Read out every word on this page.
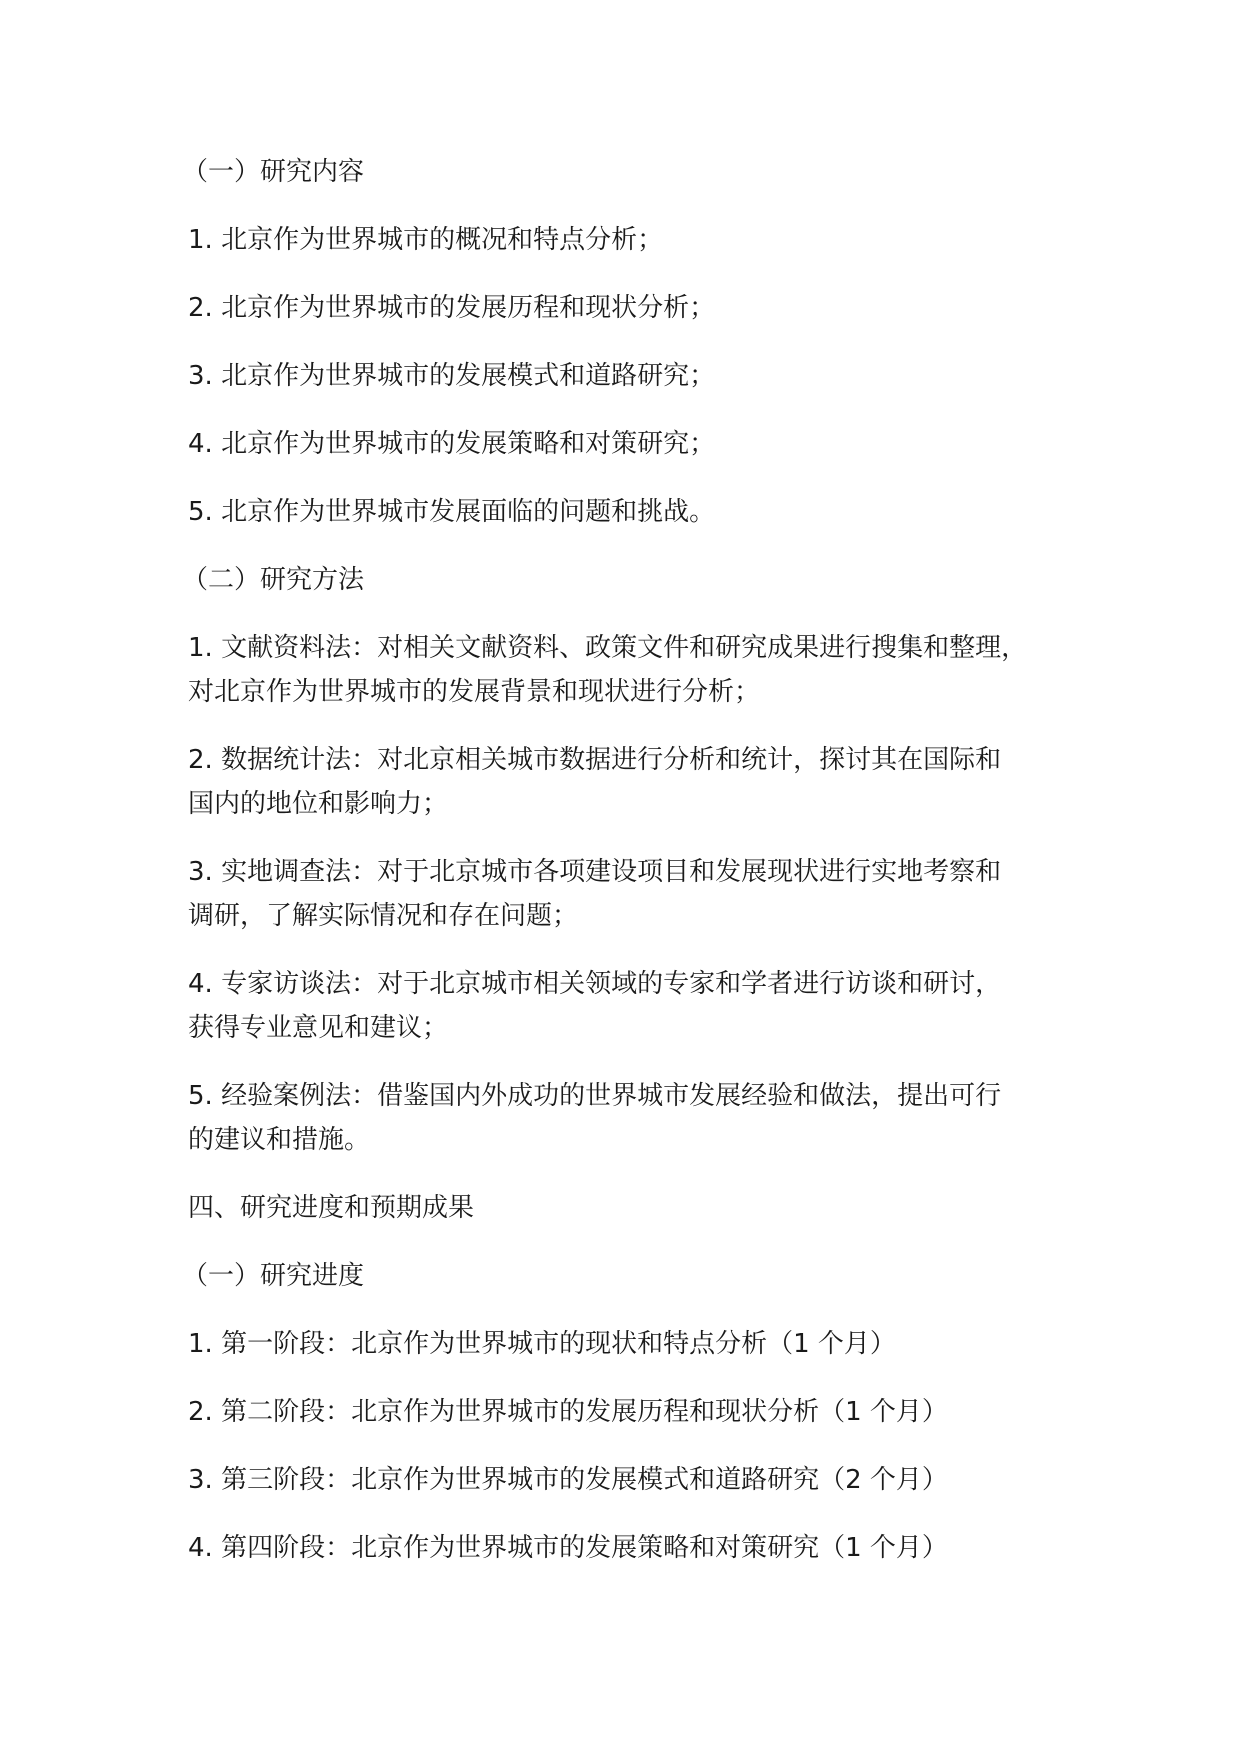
（一）研究内容

1. 北京作为世界城市的概况和特点分析；

2. 北京作为世界城市的发展历程和现状分析；

3. 北京作为世界城市的发展模式和道路研究；

4. 北京作为世界城市的发展策略和对策研究；

5. 北京作为世界城市发展面临的问题和挑战。

（二）研究方法

1. 文献资料法：对相关文献资料、政策文件和研究成果进行搜集和整理，

对北京作为世界城市的发展背景和现状进行分析；

2. 数据统计法：对北京相关城市数据进行分析和统计，探讨其在国际和

国内的地位和影响力；

3. 实地调查法：对于北京城市各项建设项目和发展现状进行实地考察和

调研，了解实际情况和存在问题；

4. 专家访谈法：对于北京城市相关领域的专家和学者进行访谈和研讨，

获得专业意见和建议；

5. 经验案例法：借鉴国内外成功的世界城市发展经验和做法，提出可行

的建议和措施。

四、研究进度和预期成果

（一）研究进度

1. 第一阶段：北京作为世界城市的现状和特点分析（1 个月）

2. 第二阶段：北京作为世界城市的发展历程和现状分析（1 个月）

3. 第三阶段：北京作为世界城市的发展模式和道路研究（2 个月）

4. 第四阶段：北京作为世界城市的发展策略和对策研究（1 个月）
